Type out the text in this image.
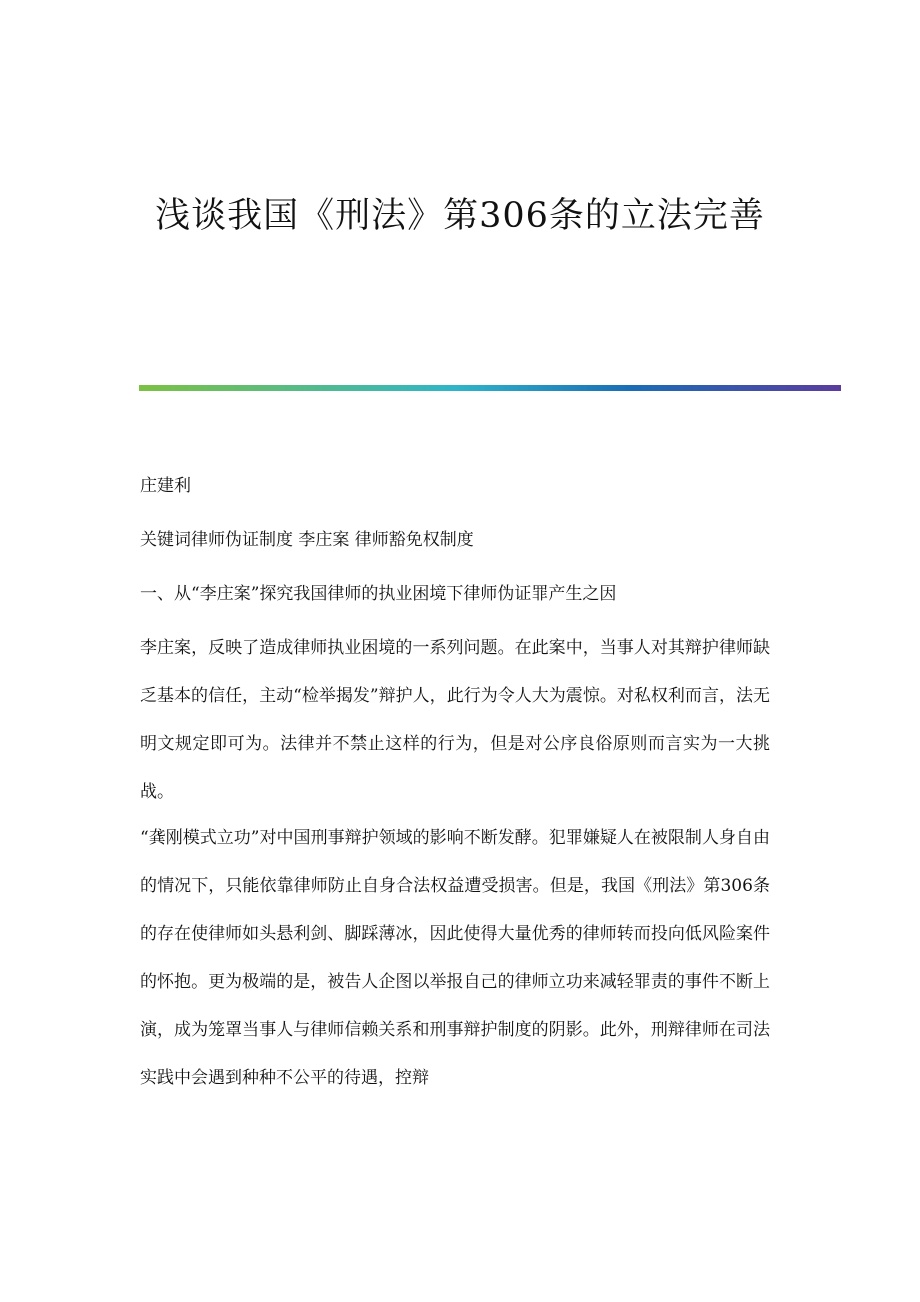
浅谈我国《刑法》第306条的立法完善

庄建利

关键词律师伪证制度 李庄案 律师豁免权制度

一、从“李庄案”探究我国律师的执业困境下律师伪证罪产生之因

李庄案，反映了造成律师执业困境的一系列问题。在此案中，当事人对其辩护律师缺乏基本的信任，主动“检举揭发”辩护人，此行为令人大为震惊。对私权利而言，法无明文规定即可为。法律并不禁止这样的行为，但是对公序良俗原则而言实为一大挑战。

“龚刚模式立功”对中国刑事辩护领域的影响不断发酵。犯罪嫌疑人在被限制人身自由的情况下，只能依靠律师防止自身合法权益遭受损害。但是，我国《刑法》第306条的存在使律师如头悬利剑、脚踩薄冰，因此使得大量优秀的律师转而投向低风险案件的怀抱。更为极端的是，被告人企图以举报自己的律师立功来减轻罪责的事件不断上演，成为笼罩当事人与律师信赖关系和刑事辩护制度的阴影。此外，刑辩律师在司法实践中会遇到种种不公平的待遇，控辩
